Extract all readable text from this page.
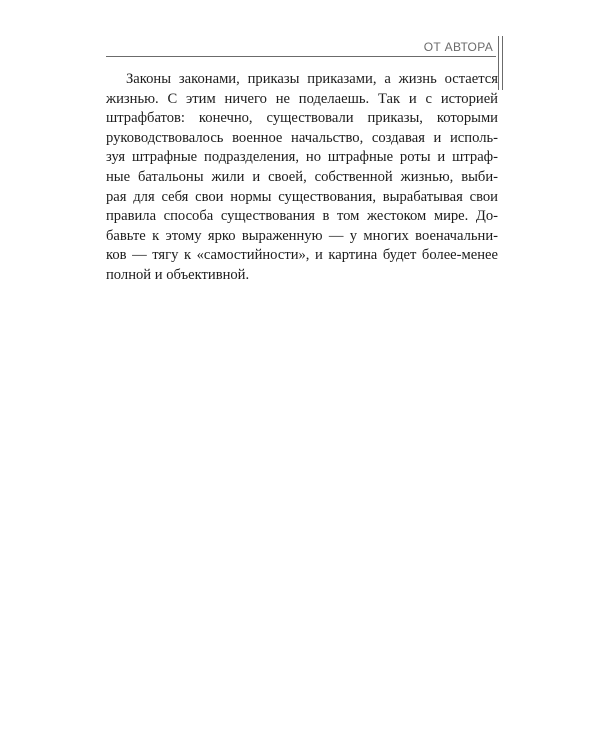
ОТ АВТОРА

Законы законами, приказы приказами, а жизнь остается
жизнью. С этим ничего не поделаешь. Так и с историей
штрафбатов: конечно, существовали приказы, которыми
руководствовалось военное начальство, создавая и исполь-
зуя штрафные подразделения, но штрафные роты и штраф-
ные батальоны жили и своей, собственной жизнью, выби-
рая для себя свои нормы существования, вырабатывая свои
правила способа существования в том жестоком мире. До-
бавьте к этому ярко выраженную — у многих военачальни-
ков — тягу к «самостийности», и картина будет более-менее
полной и объективной.
